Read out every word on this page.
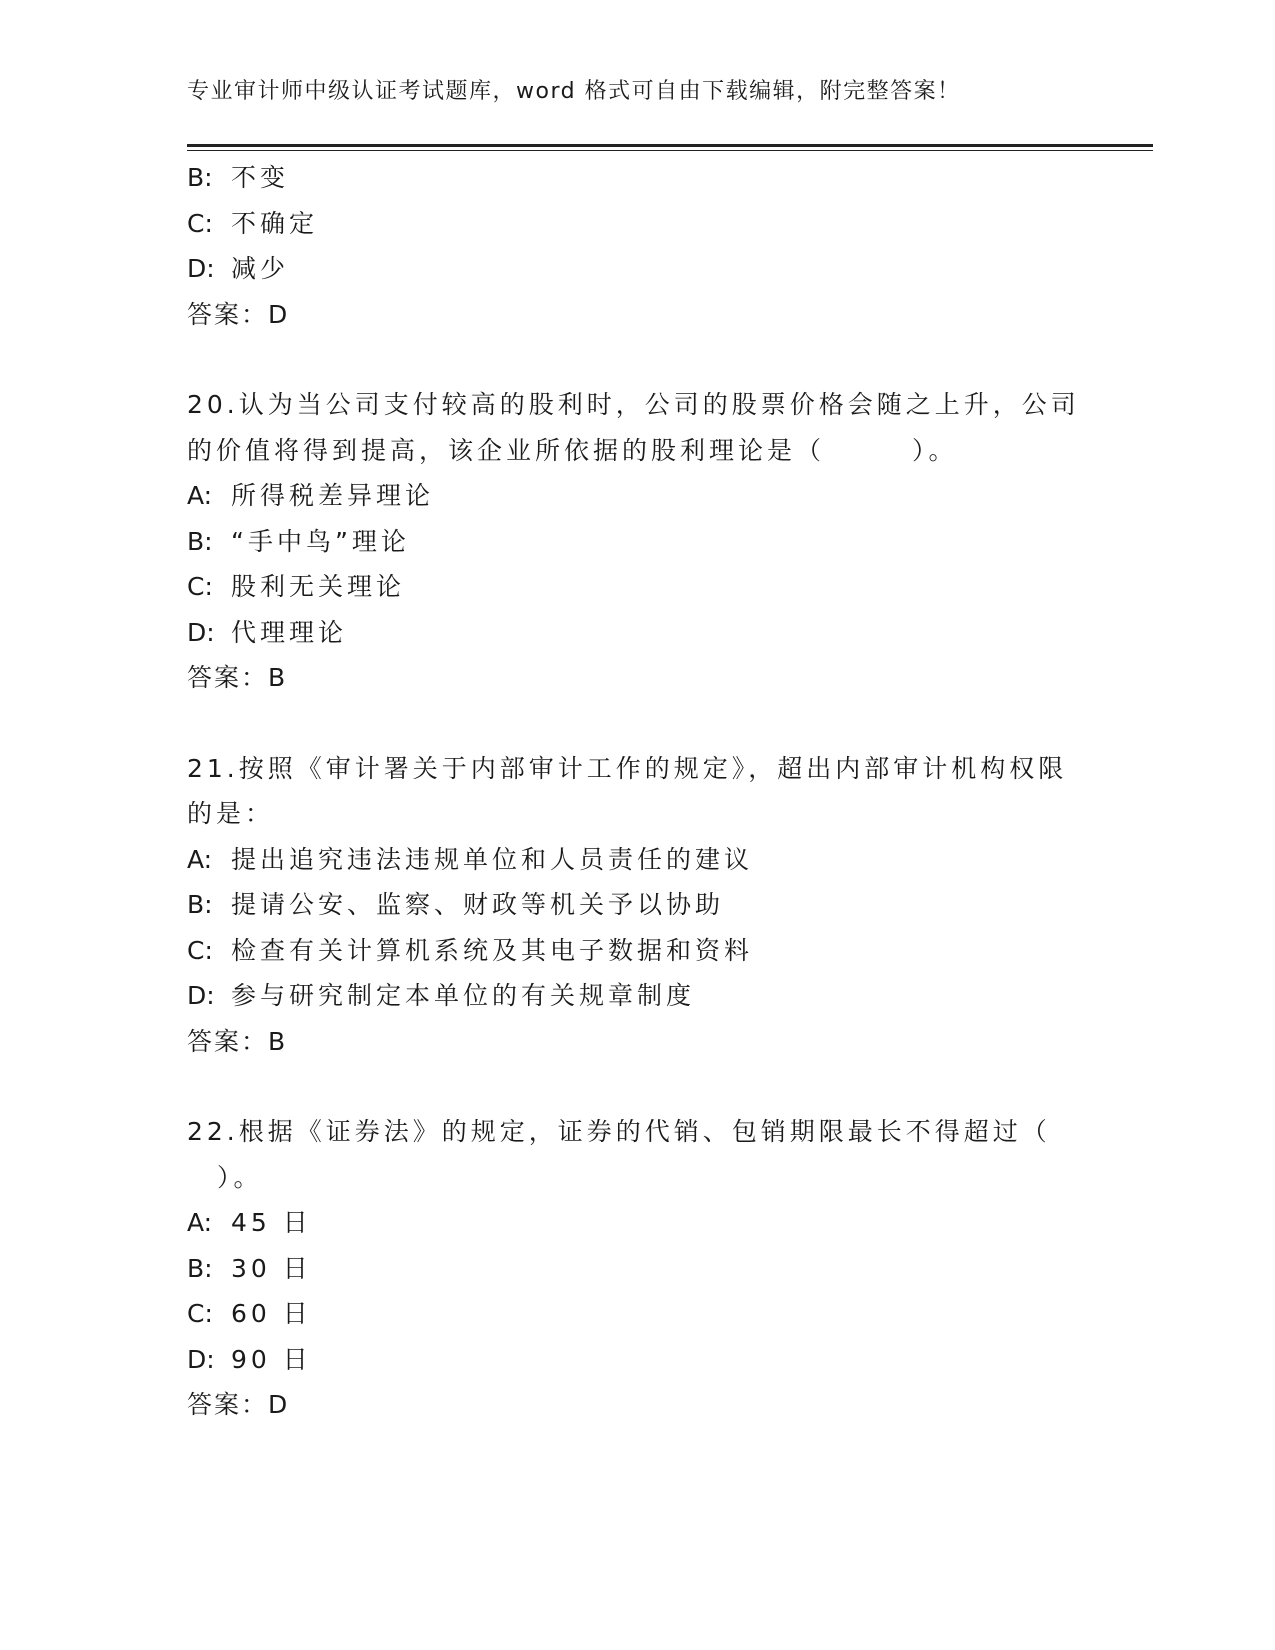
专业审计师中级认证考试题库，word 格式可自由下载编辑，附完整答案！
B: 不变
C: 不确定
D: 减少
答案：D
20.认为当公司支付较高的股利时，公司的股票价格会随之上升，公司
的价值将得到提高，该企业所依据的股利理论是（　　　）。
A: 所得税差异理论
B: “手中鸟”理论
C: 股利无关理论
D: 代理理论
答案：B
21.按照《审计署关于内部审计工作的规定》，超出内部审计机构权限
的是：
A: 提出追究违法违规单位和人员责任的建议
B: 提请公安、监察、财政等机关予以协助
C: 检查有关计算机系统及其电子数据和资料
D: 参与研究制定本单位的有关规章制度
答案：B
22.根据《证券法》的规定，证券的代销、包销期限最长不得超过（
）。
A: 45 日
B: 30 日
C: 60 日
D: 90 日
答案：D
